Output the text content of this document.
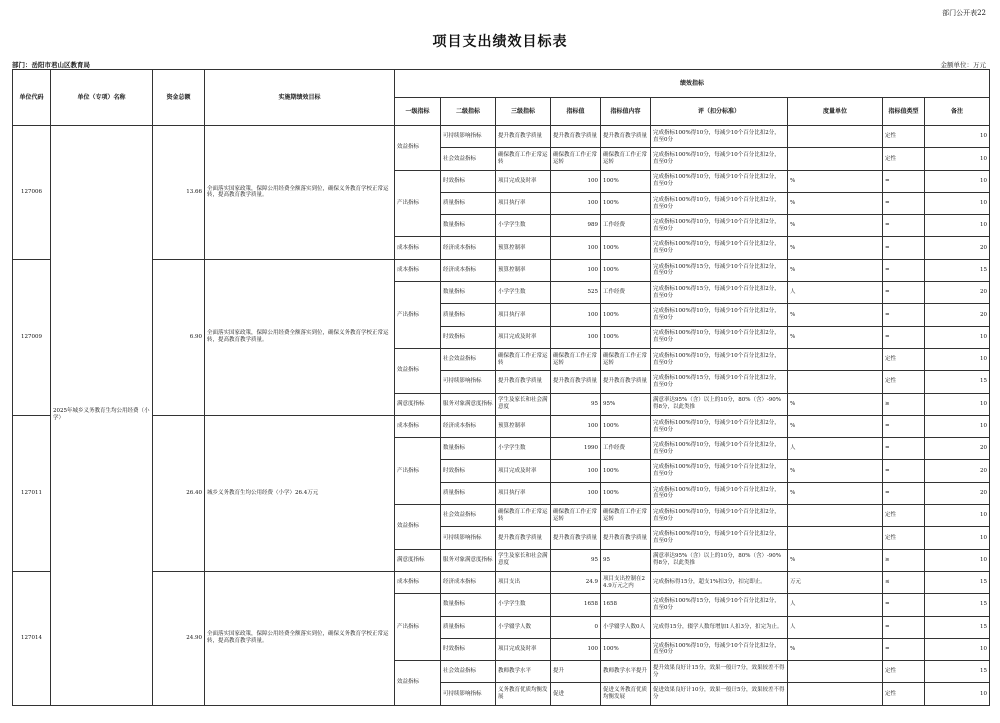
部门公开表22
项目支出绩效目标表
部门：岳阳市君山区教育局	金额单位：万元
单位代码	单位（专项）名称	资金总额	实施期绩效目标	绩效指标								
				一级指标	二级指标	三级指标	指标值	指标值内容	评（扣分标准）	度量单位	指标值类型	备注
127006	2025年城乡义务教育生均公用经费（小学）	13.66	全面落实国家政策，保障公用经费全额落实到位，确保义务教育学校正常运转，提高教育教学质量。	效益指标	可持续影响指标	提升教育教学质量	提升教育教学质量	提升教育教学质量	完成指标100%得10分，每减少10个百分比扣2分，直至0分		定性	10
					社会效益指标	确保教育工作正常运转	确保教育工作正常运转	确保教育工作正常运转	完成指标100%得10分，每减少10个百分比扣2分，直至0分		定性	10
				产出指标	时效指标	项目完成及时率	100	100%	完成指标100%得10分，每减少10个百分比扣2分，直至0分	%	=	10
					质量指标	项目执行率	100	100%	完成指标100%得10分，每减少10个百分比扣2分，直至0分	%	=	10
					数量指标	小学学生数	989	工作经费	完成指标100%得10分，每减少10个百分比扣2分，直至0分	%	=	10
				成本指标	经济成本指标	预算控制率	100	100%	完成指标100%得10分，每减少10个百分比扣2分，直至0分	%	=	20
127009		6.90	全面落实国家政策，保障公用经费全额落实到位，确保义务教育学校正常运转，提高教育教学质量。	成本指标	经济成本指标	预算控制率	100	100%	完成指标100%得15分，每减少10个百分比扣2分，直至0分	%	=	15
				产出指标	数量指标	小学学生数	525	工作经费	完成指标100%得15分，每减少10个百分比扣2分，直至0分	人	=	20
					质量指标	项目执行率	100	100%	完成指标100%得10分，每减少10个百分比扣2分，直至0分	%	=	20
					时效指标	项目完成及时率	100	100%	完成指标100%得10分，每减少10个百分比扣2分，直至0分	%	=	10
				效益指标	社会效益指标	确保教育工作正常运转	确保教育工作正常运转	确保教育工作正常运转	完成指标100%得10分，每减少10个百分比扣2分，直至0分		定性	10
					可持续影响指标	提升教育教学质量	提升教育教学质量	提升教育教学质量	完成指标100%得15分，每减少10个百分比扣2分，直至0分		定性	15
				满意度指标	服务对象满意度指标	学生及家长和社会满意度	95	95%	满意率达95%（含）以上的10分，80%（含）-90%得8分，以此类推	%	≥	10
127011		26.40	城乡义务教育生均公用经费（小学）26.4万元	成本指标	经济成本指标	预算控制率	100	100%	完成指标100%得10分，每减少10个百分比扣2分，直至0分	%	=	10
				产出指标	数量指标	小学学生数	1990	工作经费	完成指标100%得10分，每减少10个百分比扣2分，直至0分	人	=	20
					时效指标	项目完成及时率	100	100%	完成指标100%得10分，每减少10个百分比扣2分，直至0分	%	=	20
					质量指标	项目执行率	100	100%	完成指标100%得10分，每减少10个百分比扣2分，直至0分	%	=	20
				效益指标	社会效益指标	确保教育工作正常运转	确保教育工作正常运转	确保教育工作正常运转	完成指标100%得10分，每减少10个百分比扣2分，直至0分		定性	10
					可持续影响指标	提升教育教学质量	提升教育教学质量	提升教育教学质量	完成指标100%得10分，每减少10个百分比扣2分，直至0分		定性	10
				满意度指标	服务对象满意度指标	学生及家长和社会满意度	95	95	满意率达95%（含）以上的10分，80%（含）-90%得8分，以此类推	%	≥	10
127014		24.90	全面落实国家政策，保障公用经费全额落实到位，确保义务教育学校正常运转，提高教育教学质量。	成本指标	经济成本指标	项目支出	24.9	项目支出控制在24.9万元之内	完成指标得15分，超支1%扣3分，扣完即止。	万元	≤	15
				产出指标	数量指标	小学学生数	1658	1658	完成指标100%得15分，每减少10个百分比扣2分，直至0分	人	=	15
					质量指标	小学辍学人数	0	小学辍学人数0人	完成得15分，辍学人数每增加1人扣3分，扣完为止。	人	=	15
					时效指标	项目完成及时率	100	100%	完成指标100%得10分，每减少10个百分比扣2分，直至0分	%	=	10
				效益指标	社会效益指标	教师教学水平	提升	教师教学水平提升	提升效果良好计15分，效果一般计7分，效果较差不得分		定性	15
					可持续影响指标	义务教育优质均衡发展	促进	促进义务教育优质均衡发展	促进效果良好计10分，效果一般计5分，效果较差不得分		定性	10
